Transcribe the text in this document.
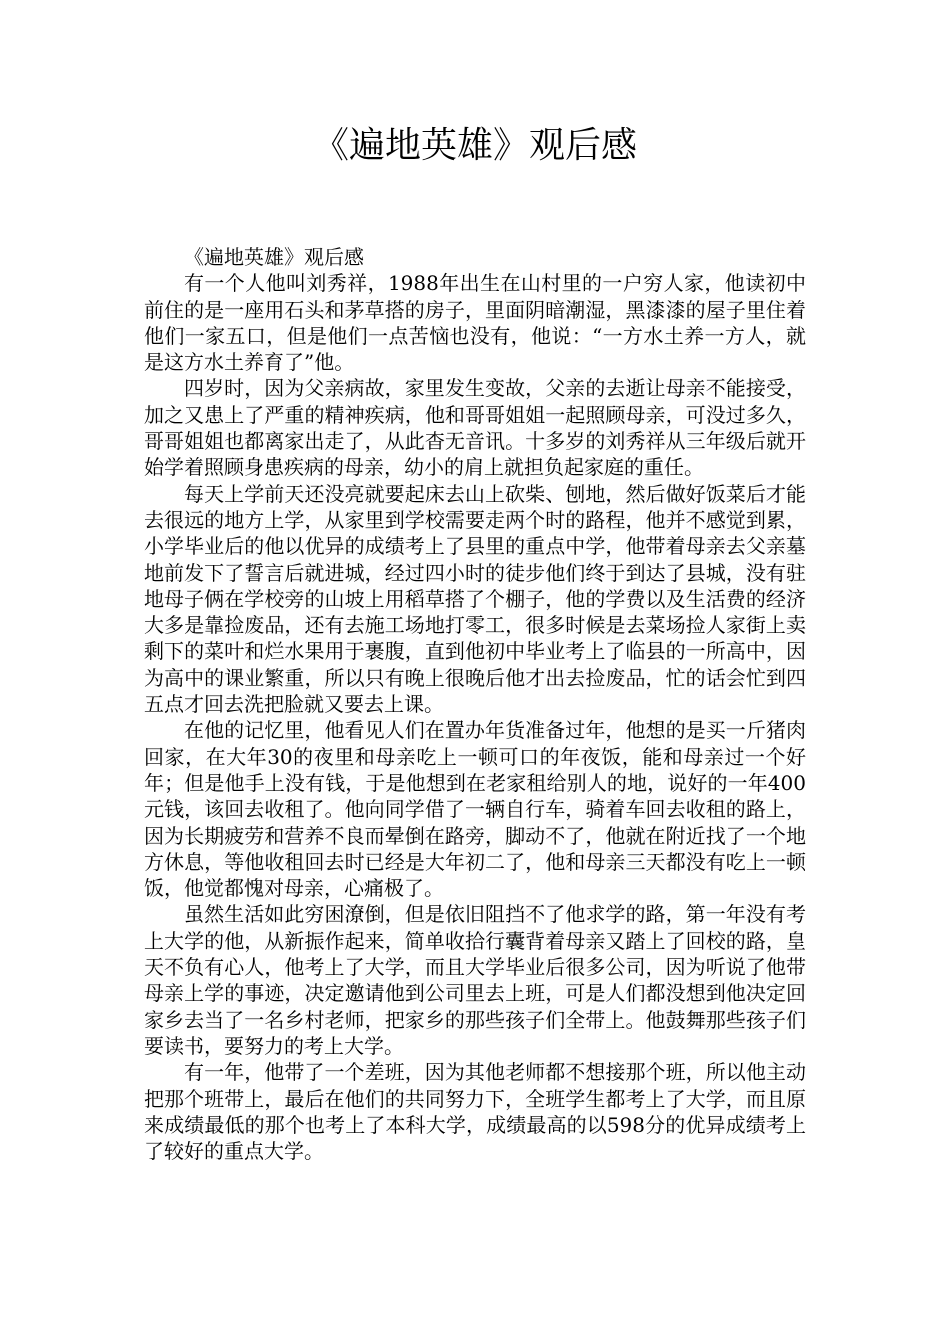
《遍地英雄》观后感

《遍地英雄》观后感

有一个人他叫刘秀祥，1988年出生在山村里的一户穷人家，他读初中前住的是一座用石头和茅草搭的房子，里面阴暗潮湿，黑漆漆的屋子里住着他们一家五口，但是他们一点苦恼也没有，他说：“一方水土养一方人，就是这方水土养育了”他。

四岁时，因为父亲病故，家里发生变故，父亲的去逝让母亲不能接受，加之又患上了严重的精神疾病，他和哥哥姐姐一起照顾母亲，可没过多久，哥哥姐姐也都离家出走了，从此杳无音讯。十多岁的刘秀祥从三年级后就开始学着照顾身患疾病的母亲，幼小的肩上就担负起家庭的重任。

每天上学前天还没亮就要起床去山上砍柴、刨地，然后做好饭菜后才能去很远的地方上学，从家里到学校需要走两个时的路程，他并不感觉到累，小学毕业后的他以优异的成绩考上了县里的重点中学，他带着母亲去父亲墓地前发下了誓言后就进城，经过四小时的徒步他们终于到达了县城，没有驻地母子俩在学校旁的山坡上用稻草搭了个棚子，他的学费以及生活费的经济大多是靠捡废品，还有去施工场地打零工，很多时候是去菜场捡人家街上卖剩下的菜叶和烂水果用于裹腹，直到他初中毕业考上了临县的一所高中，因为高中的课业繁重，所以只有晚上很晚后他才出去捡废品，忙的话会忙到四五点才回去洗把脸就又要去上课。

在他的记忆里，他看见人们在置办年货准备过年，他想的是买一斤猪肉回家，在大年30的夜里和母亲吃上一顿可口的年夜饭，能和母亲过一个好年；但是他手上没有钱，于是他想到在老家租给别人的地，说好的一年400元钱，该回去收租了。他向同学借了一辆自行车，骑着车回去收租的路上，因为长期疲劳和营养不良而晕倒在路旁，脚动不了，他就在附近找了一个地方休息，等他收租回去时已经是大年初二了，他和母亲三天都没有吃上一顿饭，他觉都愧对母亲，心痛极了。

虽然生活如此穷困潦倒，但是依旧阻挡不了他求学的路，第一年没有考上大学的他，从新振作起来，简单收拾行囊背着母亲又踏上了回校的路，皇天不负有心人，他考上了大学，而且大学毕业后很多公司，因为听说了他带母亲上学的事迹，决定邀请他到公司里去上班，可是人们都没想到他决定回家乡去当了一名乡村老师，把家乡的那些孩子们全带上。他鼓舞那些孩子们要读书，要努力的考上大学。

有一年，他带了一个差班，因为其他老师都不想接那个班，所以他主动把那个班带上，最后在他们的共同努力下，全班学生都考上了大学，而且原来成绩最低的那个也考上了本科大学，成绩最高的以598分的优异成绩考上了较好的重点大学。
